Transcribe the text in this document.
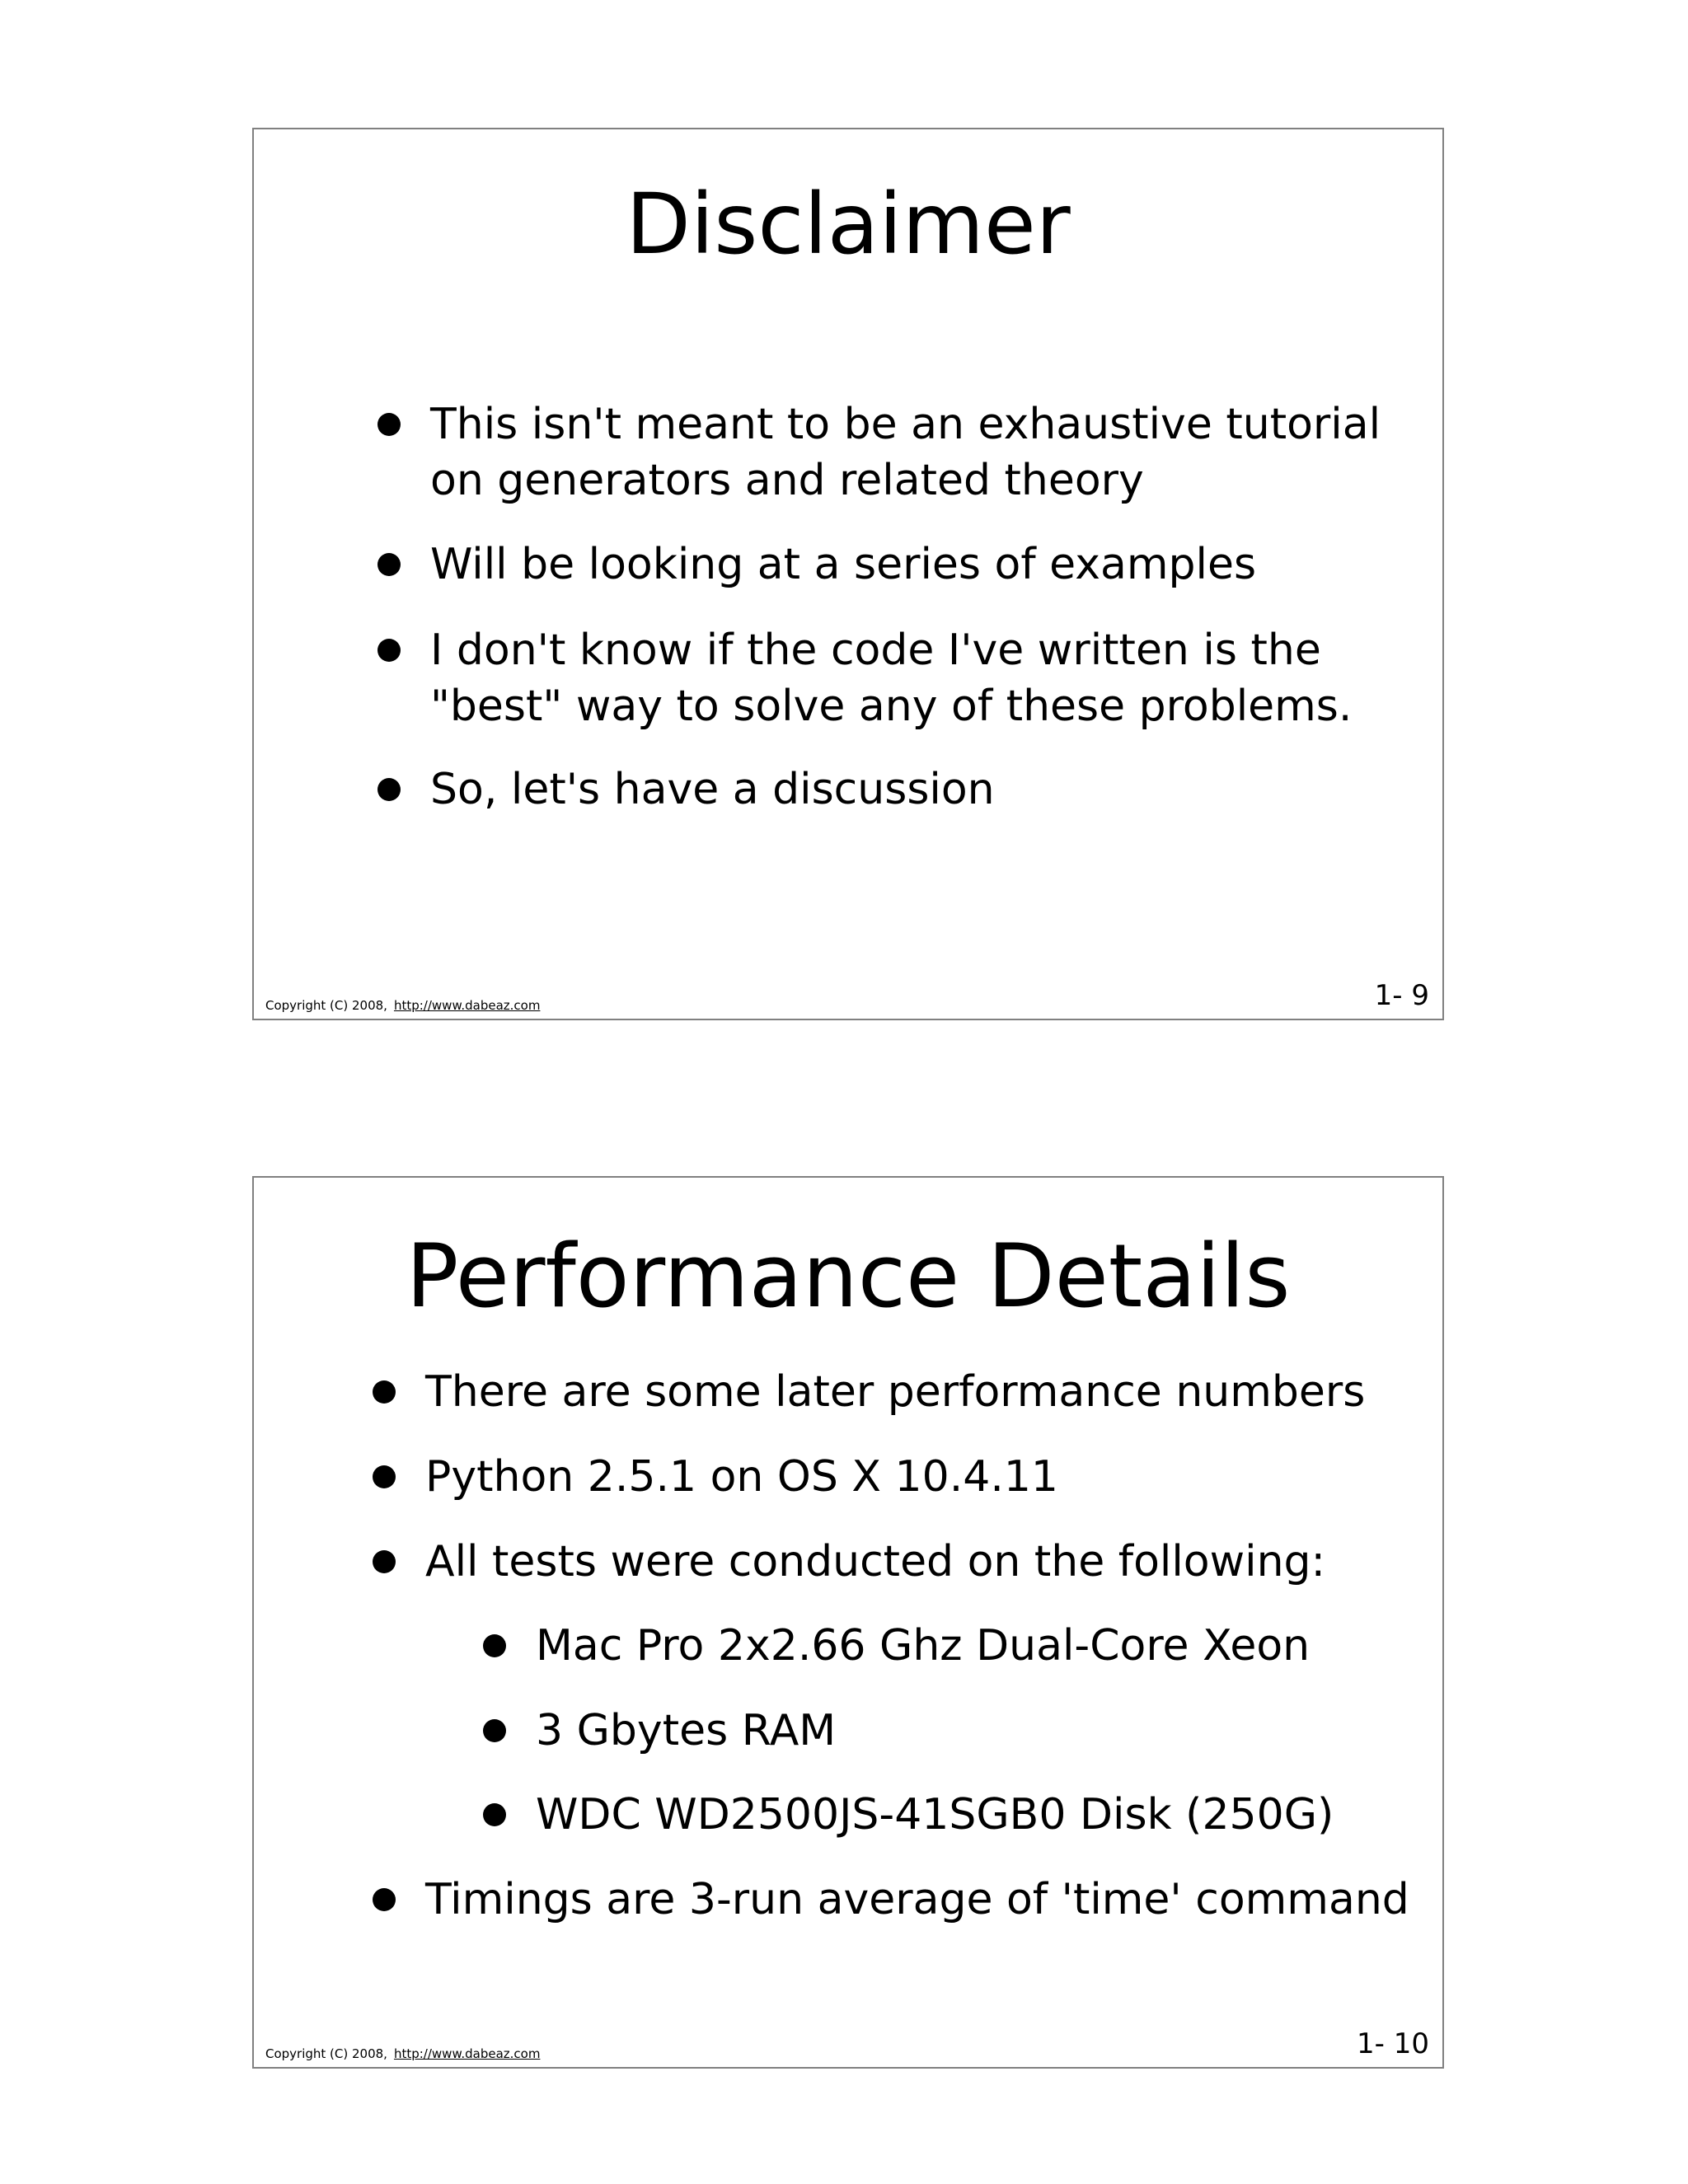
Disclaimer
This isn't meant to be an exhaustive tutorial
on generators and related theory
Will be looking at a series of examples
I don't know if the code I've written is the
"best" way to solve any of these problems.
So, let's have a discussion
Copyright (C) 2008, http://www.dabeaz.com	1- 9
Performance Details
There are some later performance numbers
Python 2.5.1 on OS X 10.4.11
All tests were conducted on the following:
Mac Pro 2x2.66 Ghz Dual-Core Xeon
3 Gbytes RAM
WDC WD2500JS-41SGB0 Disk (250G)
Timings are 3-run average of 'time' command
Copyright (C) 2008, http://www.dabeaz.com	1- 10
